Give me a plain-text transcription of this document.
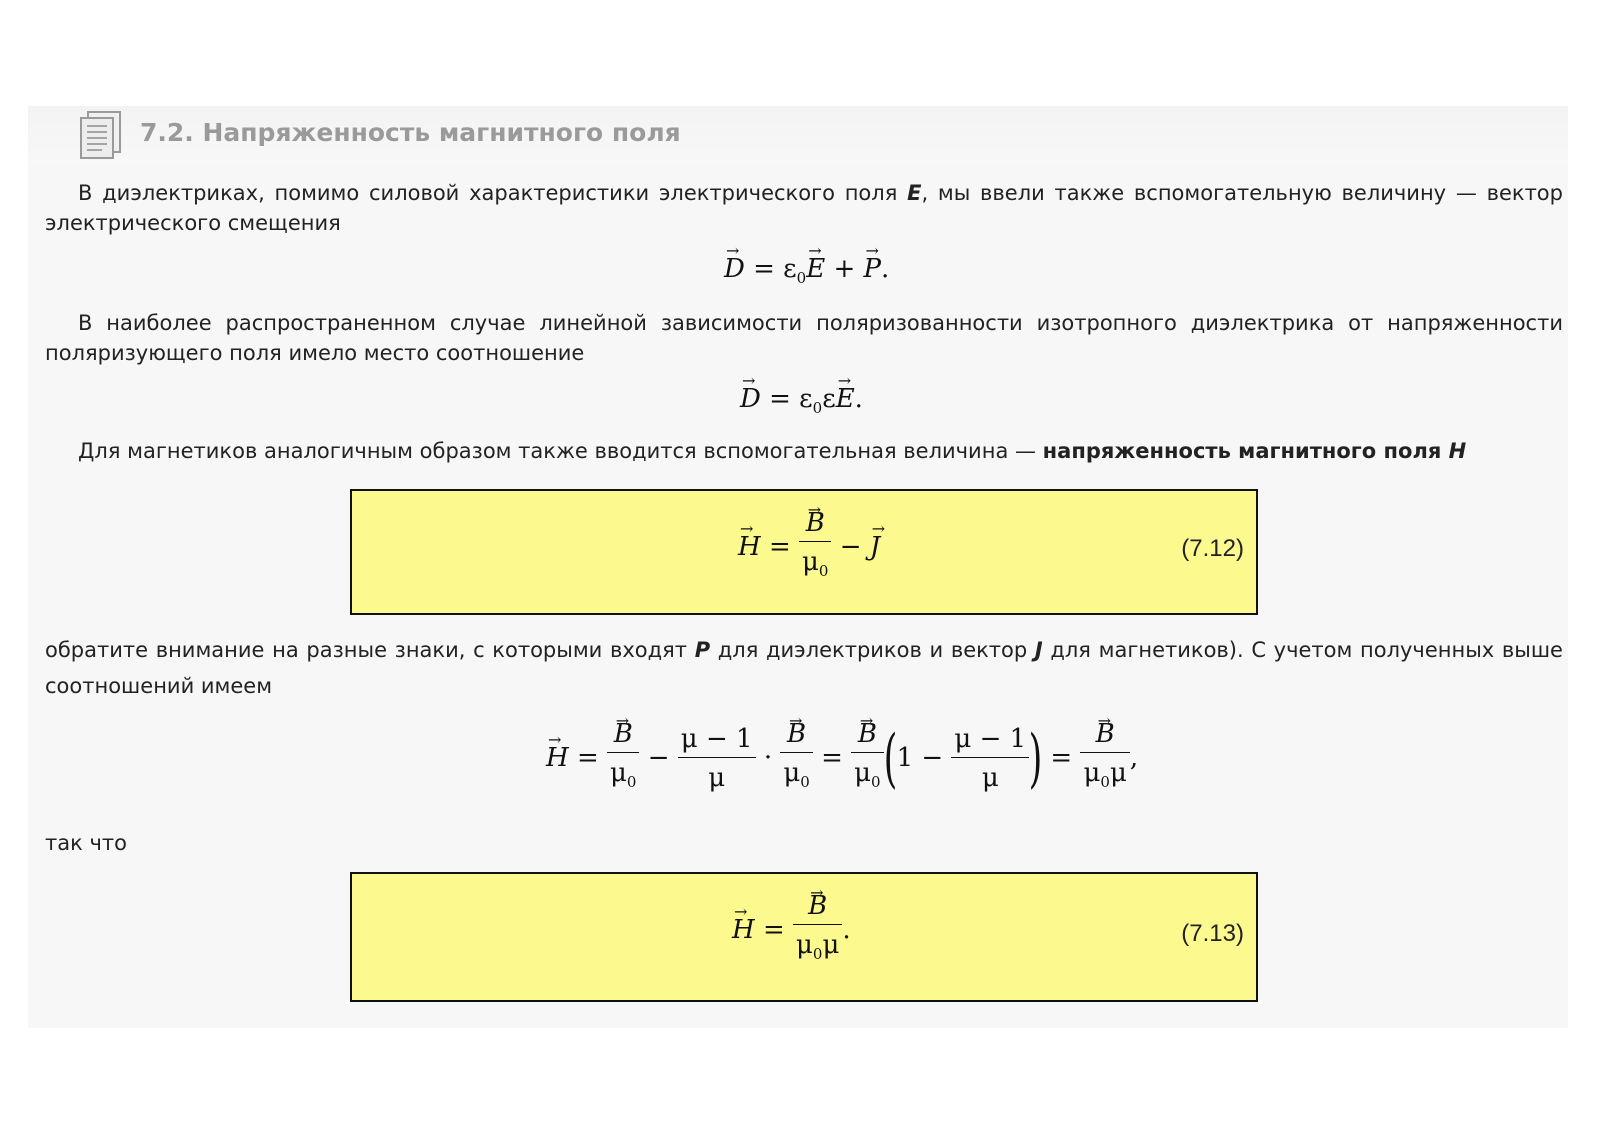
7.2. Напряженность магнитного поля
В диэлектриках, помимо силовой характеристики электрического поля E, мы ввели также вспомогательную величину — вектор электрического смещения
→ $D = \varepsilon_0\to E$ + → P.
В наиболее распространенном случае линейной зависимости поляризованности изотропного диэлектрика от напряженности поляризующего поля имело место соотношение
→ $D = \varepsilon_0\varepsilon\to E$.
Для магнетиков аналогичным образом также вводится вспомогательная величина — напряженность магнитного поля H
→ H = → $\frac{B}{\mu_0}$ − → J	(7.12)
обратите внимание на разные знаки, с которыми входят P для диэлектриков и вектор J для магнетиков). С учетом полученных выше соотношений имеем
→ H = → $\frac{B}{\mu_0} - \frac{\mu - 1}{\mu}$ · → $\frac{B}{\mu_0}$ = → $\frac{B}{\mu_0} (1 - \frac{\mu - 1}{\mu}$ ) = → $\frac{B}{\mu_0\mu}$ ,
так что
→ H = → $\frac{B}{\mu_0\mu}$ .	(7.13)
